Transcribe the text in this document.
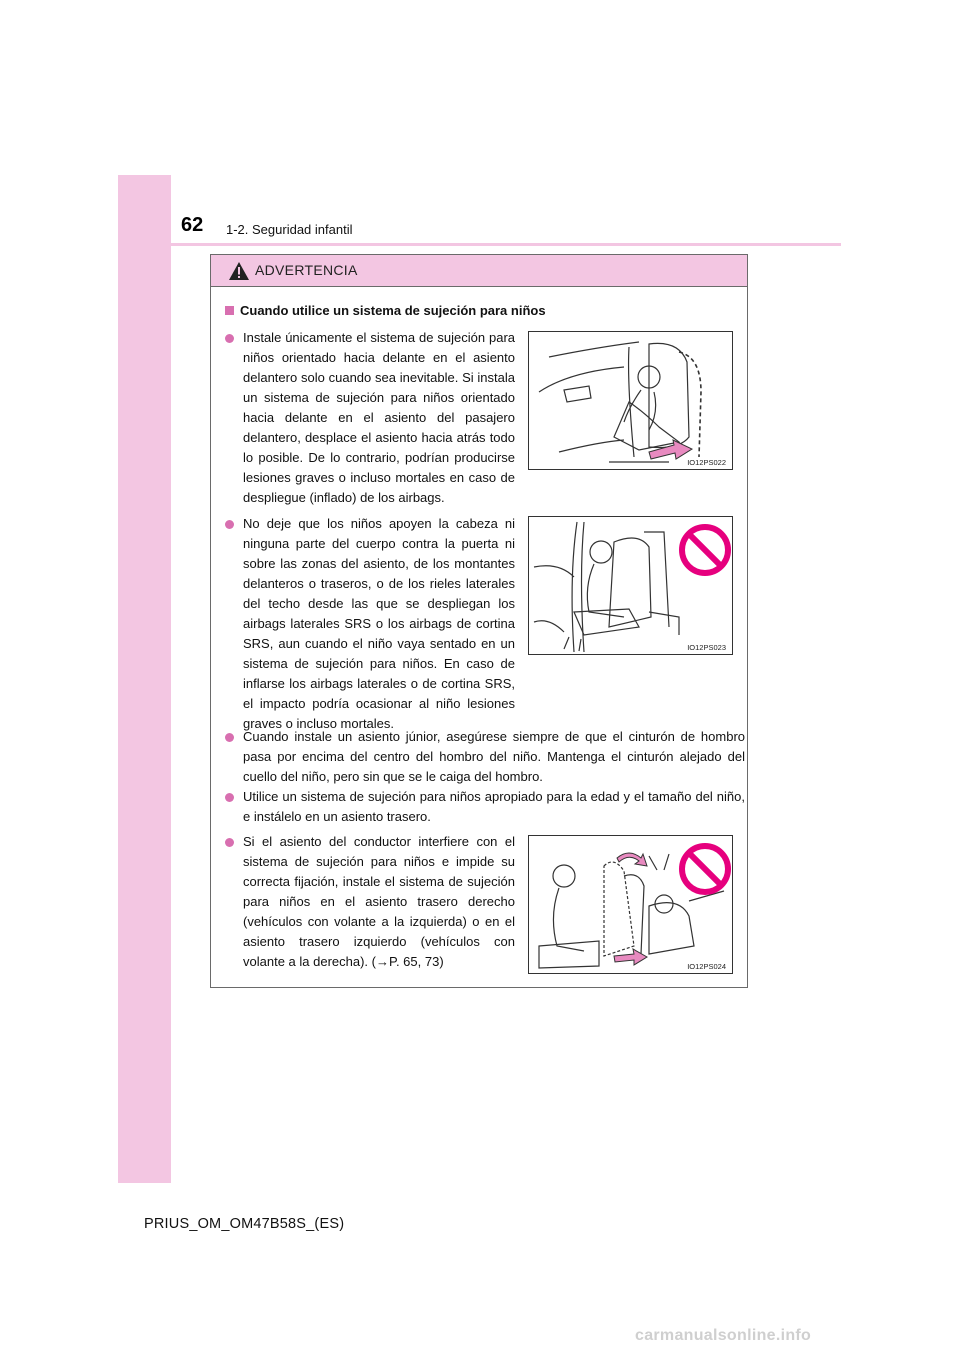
62 1-2. Seguridad infantil
ADVERTENCIA
Cuando utilice un sistema de sujeción para niños
Instale únicamente el sistema de sujeción para niños orientado hacia delante en el asiento delantero solo cuando sea inevitable. Si instala un sistema de sujeción para niños orientado hacia delante en el asiento del pasajero delantero, desplace el asiento hacia atrás todo lo posible. De lo contrario, podrían producirse lesiones graves o incluso mortales en caso de despliegue (inflado) de los airbags.
No deje que los niños apoyen la cabeza ni ninguna parte del cuerpo contra la puerta ni sobre las zonas del asiento, de los montantes delanteros o traseros, o de los rieles laterales del techo desde las que se despliegan los airbags laterales SRS o los airbags de cortina SRS, aun cuando el niño vaya sentado en un sistema de sujeción para niños. En caso de inflarse los airbags laterales o de cortina SRS, el impacto podría ocasionar al niño lesiones graves o incluso mortales.
Cuando instale un asiento júnior, asegúrese siempre de que el cinturón de hombro pasa por encima del centro del hombro del niño. Mantenga el cinturón alejado del cuello del niño, pero sin que se le caiga del hombro.
Utilice un sistema de sujeción para niños apropiado para la edad y el tamaño del niño, e instálelo en un asiento trasero.
Si el asiento del conductor interfiere con el sistema de sujeción para niños e impide su correcta fijación, instale el sistema de sujeción para niños en el asiento trasero derecho (vehículos con volante a la izquierda) o en el asiento trasero izquierdo (vehículos con volante a la derecha). (→P. 65, 73)
IO12PS022
IO12PS023
IO12PS024
PRIUS_OM_OM47B58S_(ES)
carmanualsonline.info
